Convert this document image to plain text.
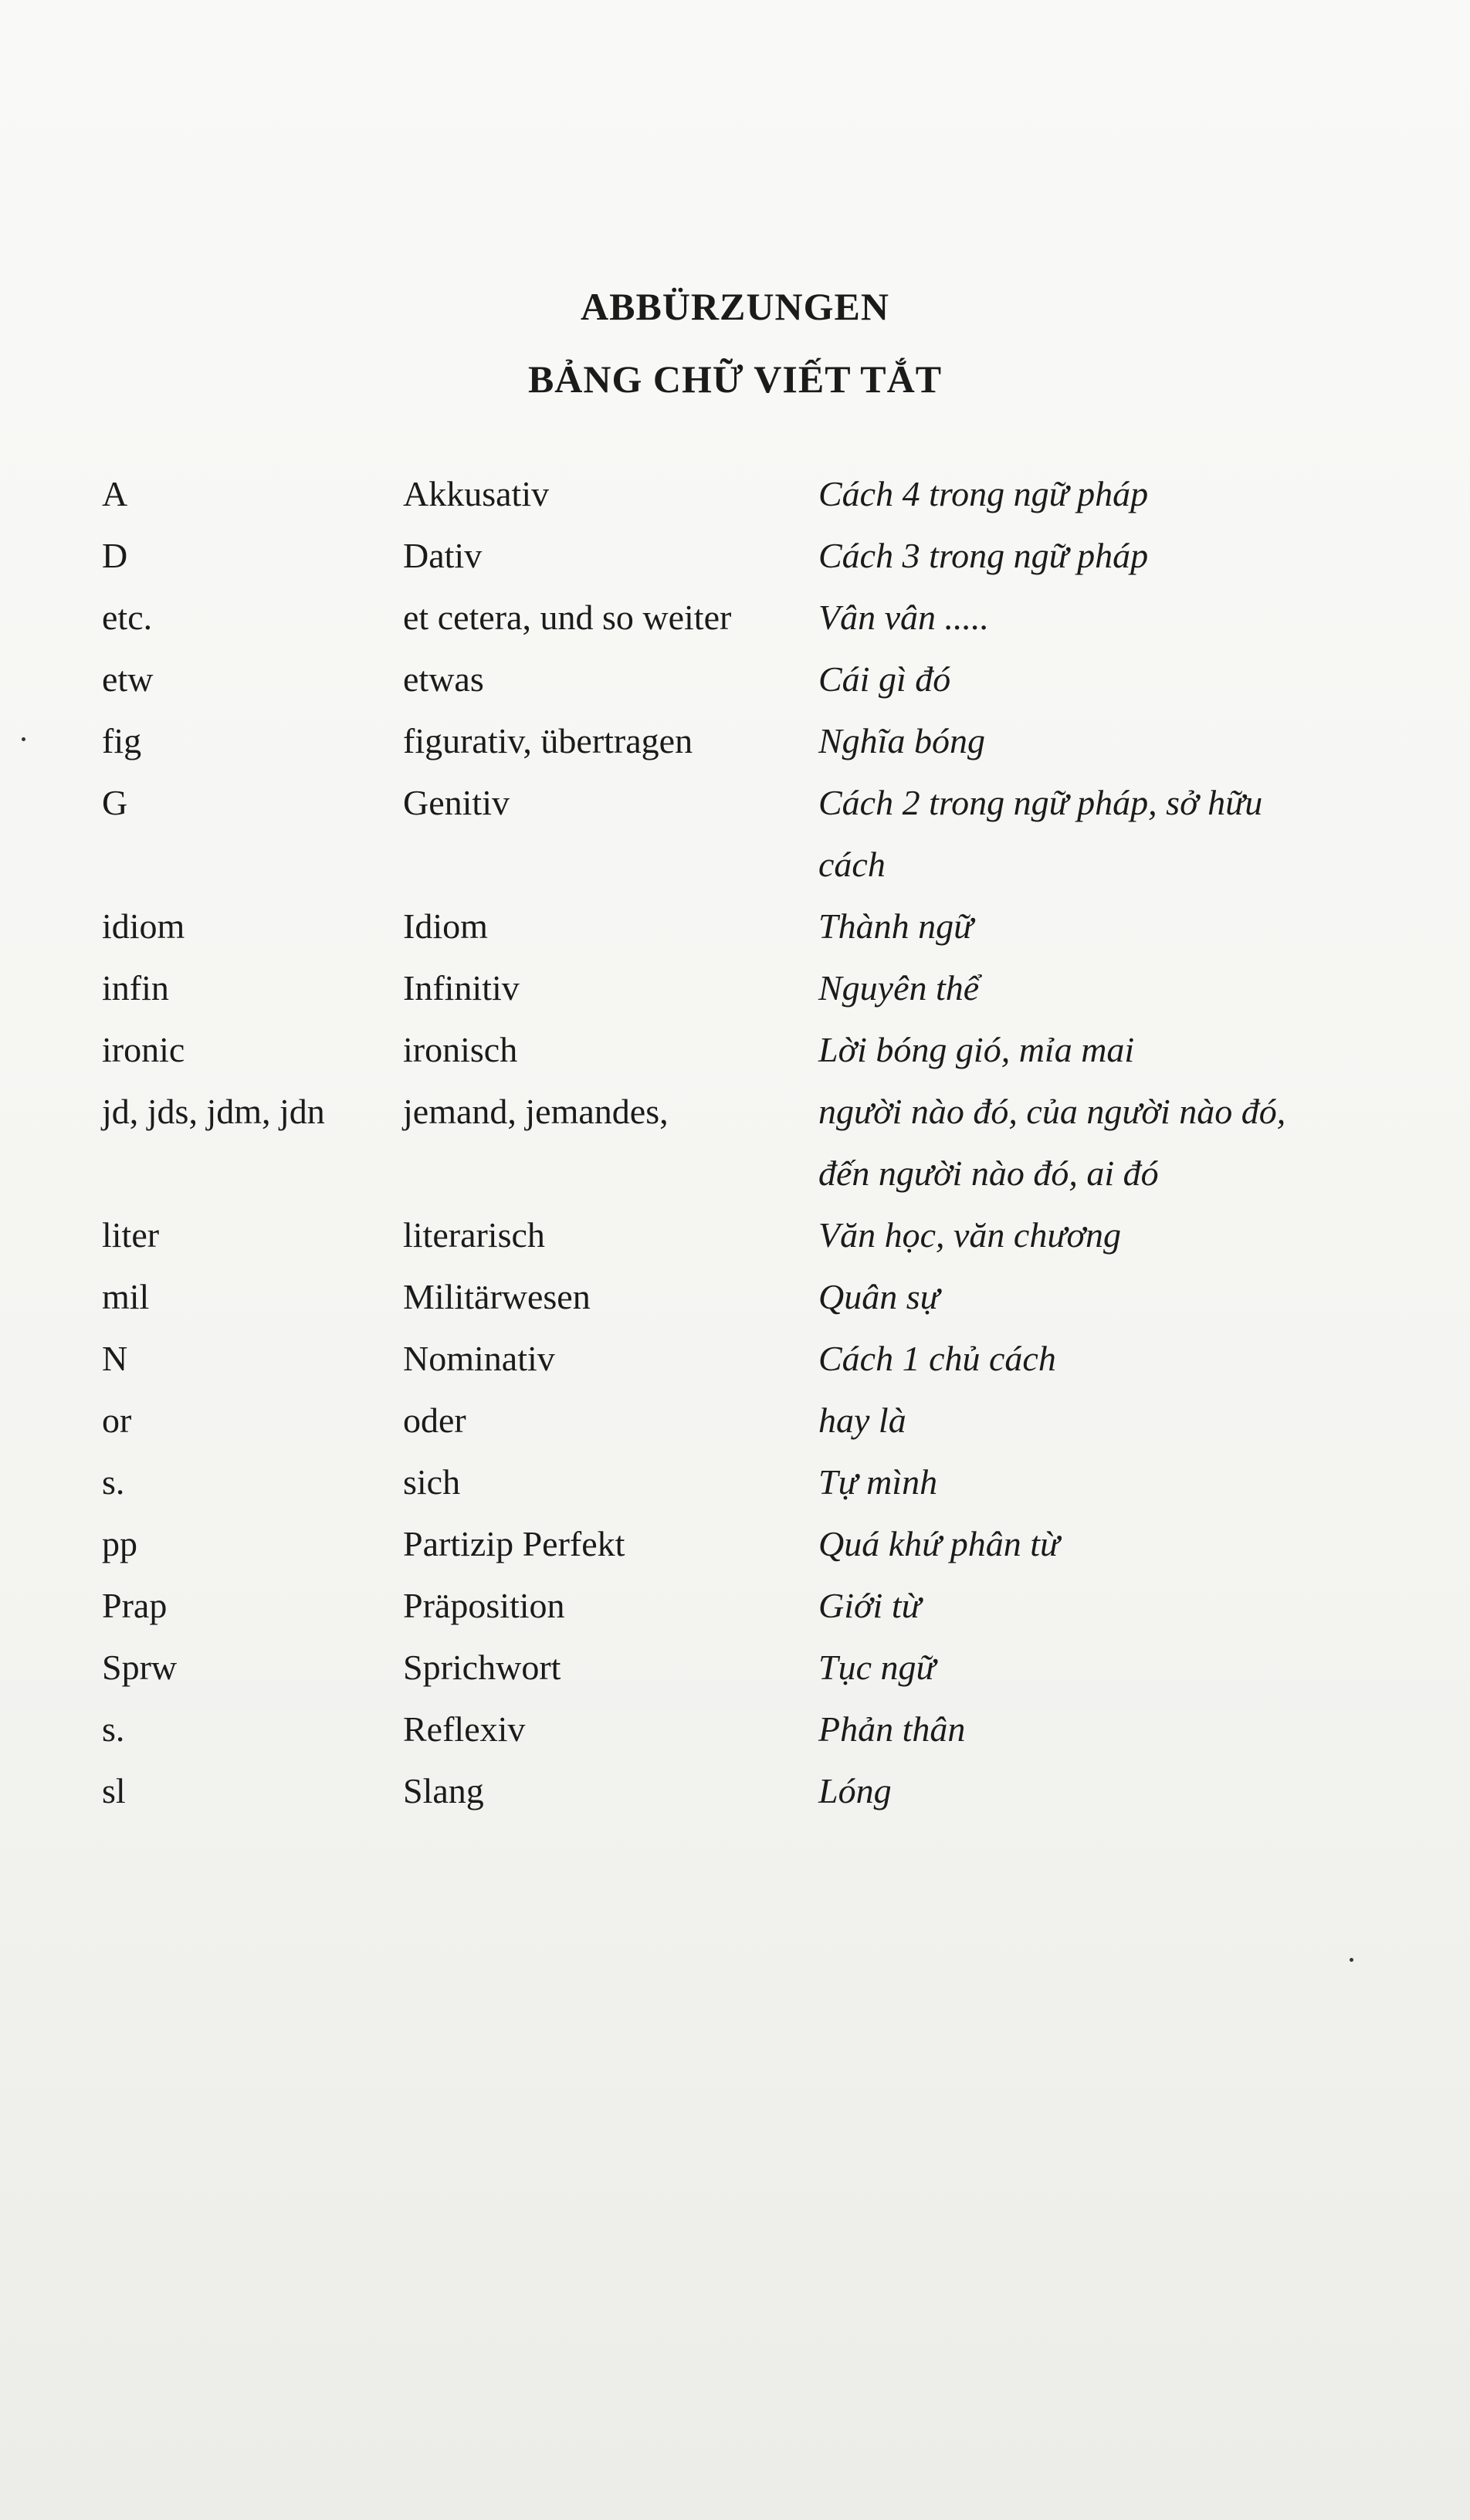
ABBÜRZUNGEN
BẢNG CHỮ VIẾT TẮT
A	Akkusativ	Cách 4 trong ngữ pháp
D	Dativ	Cách 3 trong ngữ pháp
etc.	et cetera, und so weiter	Vân vân .....
etw	etwas	Cái gì đó
fig	figurativ, übertragen	Nghĩa bóng
G	Genitiv	Cách 2 trong ngữ pháp, sở hữu
cách
idiom	Idiom	Thành ngữ
infin	Infinitiv	Nguyên thể
ironic	ironisch	Lời bóng gió, mỉa mai
jd, jds, jdm, jdn	jemand, jemandes,	người nào đó, của người nào đó,
đến người nào đó, ai đó
liter	literarisch	Văn học, văn chương
mil	Militärwesen	Quân sự
N	Nominativ	Cách 1 chủ cách
or	oder	hay là
s.	sich	Tự mình
pp	Partizip Perfekt	Quá khứ phân từ
Prap	Präposition	Giới từ
Sprw	Sprichwort	Tục ngữ
s.	Reflexiv	Phản thân
sl	Slang	Lóng
